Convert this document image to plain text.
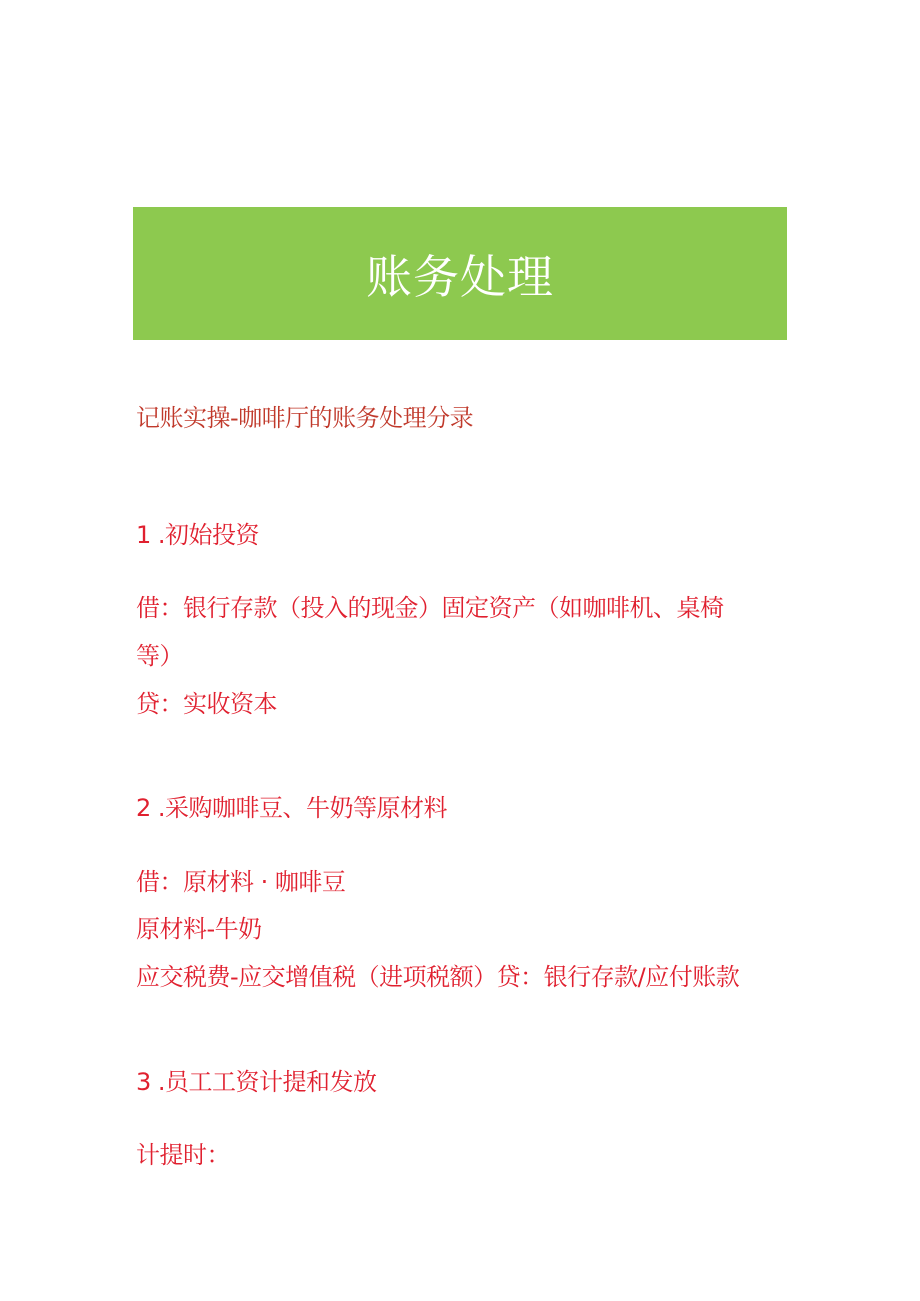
账务处理
记账实操-咖啡厅的账务处理分录
1 .初始投资
借：银行存款（投入的现金）固定资产（如咖啡机、桌椅
等）
贷：实收资本
2 .采购咖啡豆、牛奶等原材料
借：原材料 · 咖啡豆
原材料-牛奶
应交税费-应交增值税（进项税额）贷：银行存款/应付账款
3 .员工工资计提和发放
计提时：
